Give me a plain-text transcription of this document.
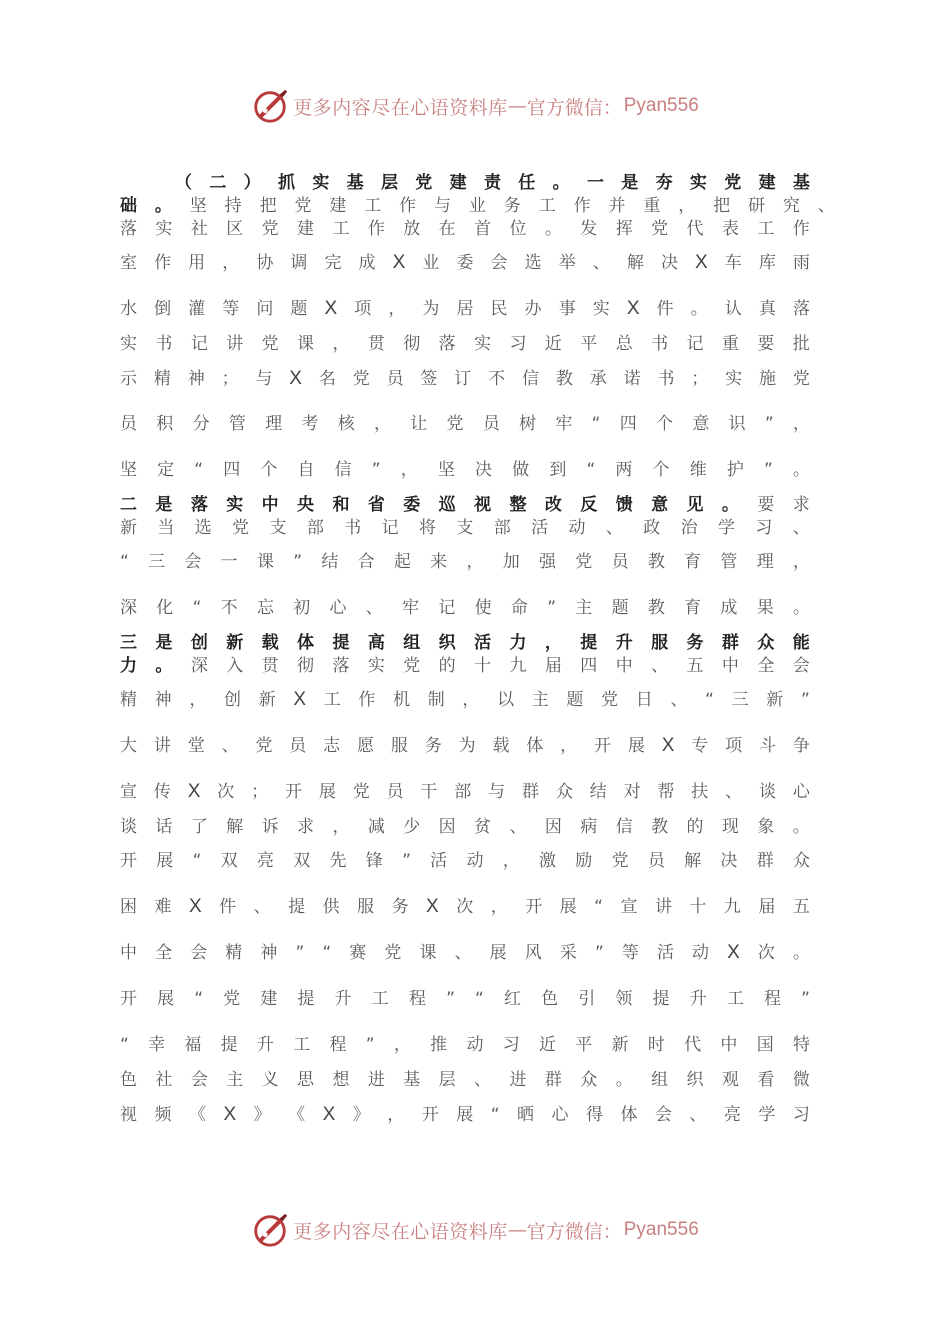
更多内容尽在心语资料库 — 官方微信： Pyan556
（ 二 ） 抓 实 基 层 党 建 责 任 。 一 是 夯 实 党 建 基
础 。 坚 持 把 党 建 工 作 与 业 务 工 作 并 重 ， 把 研 究 、
落 实 社 区 党 建 工 作 放 在 首 位 。 发 挥 党 代 表 工 作
室 作 用 ， 协 调 完 成 X 业 委 会 选 举 、 解 决 X 车 库 雨
水 倒 灌 等 问 题 X 项 ， 为 居 民 办 事 实 X 件 。 认 真 落
实 书 记 讲 党 课 ， 贯 彻 落 实 习 近 平 总 书 记 重 要 批
示 精 神 ； 与 X 名 党 员 签 订 不 信 教 承 诺 书 ； 实 施 党
员 积 分 管 理 考 核 ， 让 党 员 树 牢 “ 四 个 意 识 ” ，
坚 定 “ 四 个 自 信 ” ， 坚 决 做 到 “ 两 个 维 护 ” 。
二 是 落 实 中 央 和 省 委 巡 视 整 改 反 馈 意 见 。 要 求
新 当 选 党 支 部 书 记 将 支 部 活 动 、 政 治 学 习 、
“ 三 会 一 课 ” 结 合 起 来 ， 加 强 党 员 教 育 管 理 ，
深 化 “ 不 忘 初 心 、 牢 记 使 命 ” 主 题 教 育 成 果 。
三 是 创 新 载 体 提 高 组 织 活 力 ， 提 升 服 务 群 众 能
力 。 深 入 贯 彻 落 实 党 的 十 九 届 四 中 、 五 中 全 会
精 神 ， 创 新 X 工 作 机 制 ， 以 主 题 党 日 、 “ 三 新 ”
大 讲 堂 、 党 员 志 愿 服 务 为 载 体 ， 开 展 X 专 项 斗 争
宣 传 X 次 ； 开 展 党 员 干 部 与 群 众 结 对 帮 扶 、 谈 心
谈 话 了 解 诉 求 ， 减 少 因 贫 、 因 病 信 教 的 现 象 。
开 展 “ 双 亮 双 先 锋 ” 活 动 ， 激 励 党 员 解 决 群 众
困 难 X 件 、 提 供 服 务 X 次 ， 开 展 “ 宣 讲 十 九 届 五
中 全 会 精 神 ” “ 赛 党 课 、 展 风 采 ” 等 活 动 X 次 。
开 展 “ 党 建 提 升 工 程 ” “ 红 色 引 领 提 升 工 程 ”
“ 幸 福 提 升 工 程 ” ， 推 动 习 近 平 新 时 代 中 国 特
色 社 会 主 义 思 想 进 基 层 、 进 群 众 。 组 织 观 看 微
视 频 《 X 》 《 X 》 ， 开 展 “ 晒 心 得 体 会 、 亮 学 习
更多内容尽在心语资料库 — 官方微信： Pyan556
